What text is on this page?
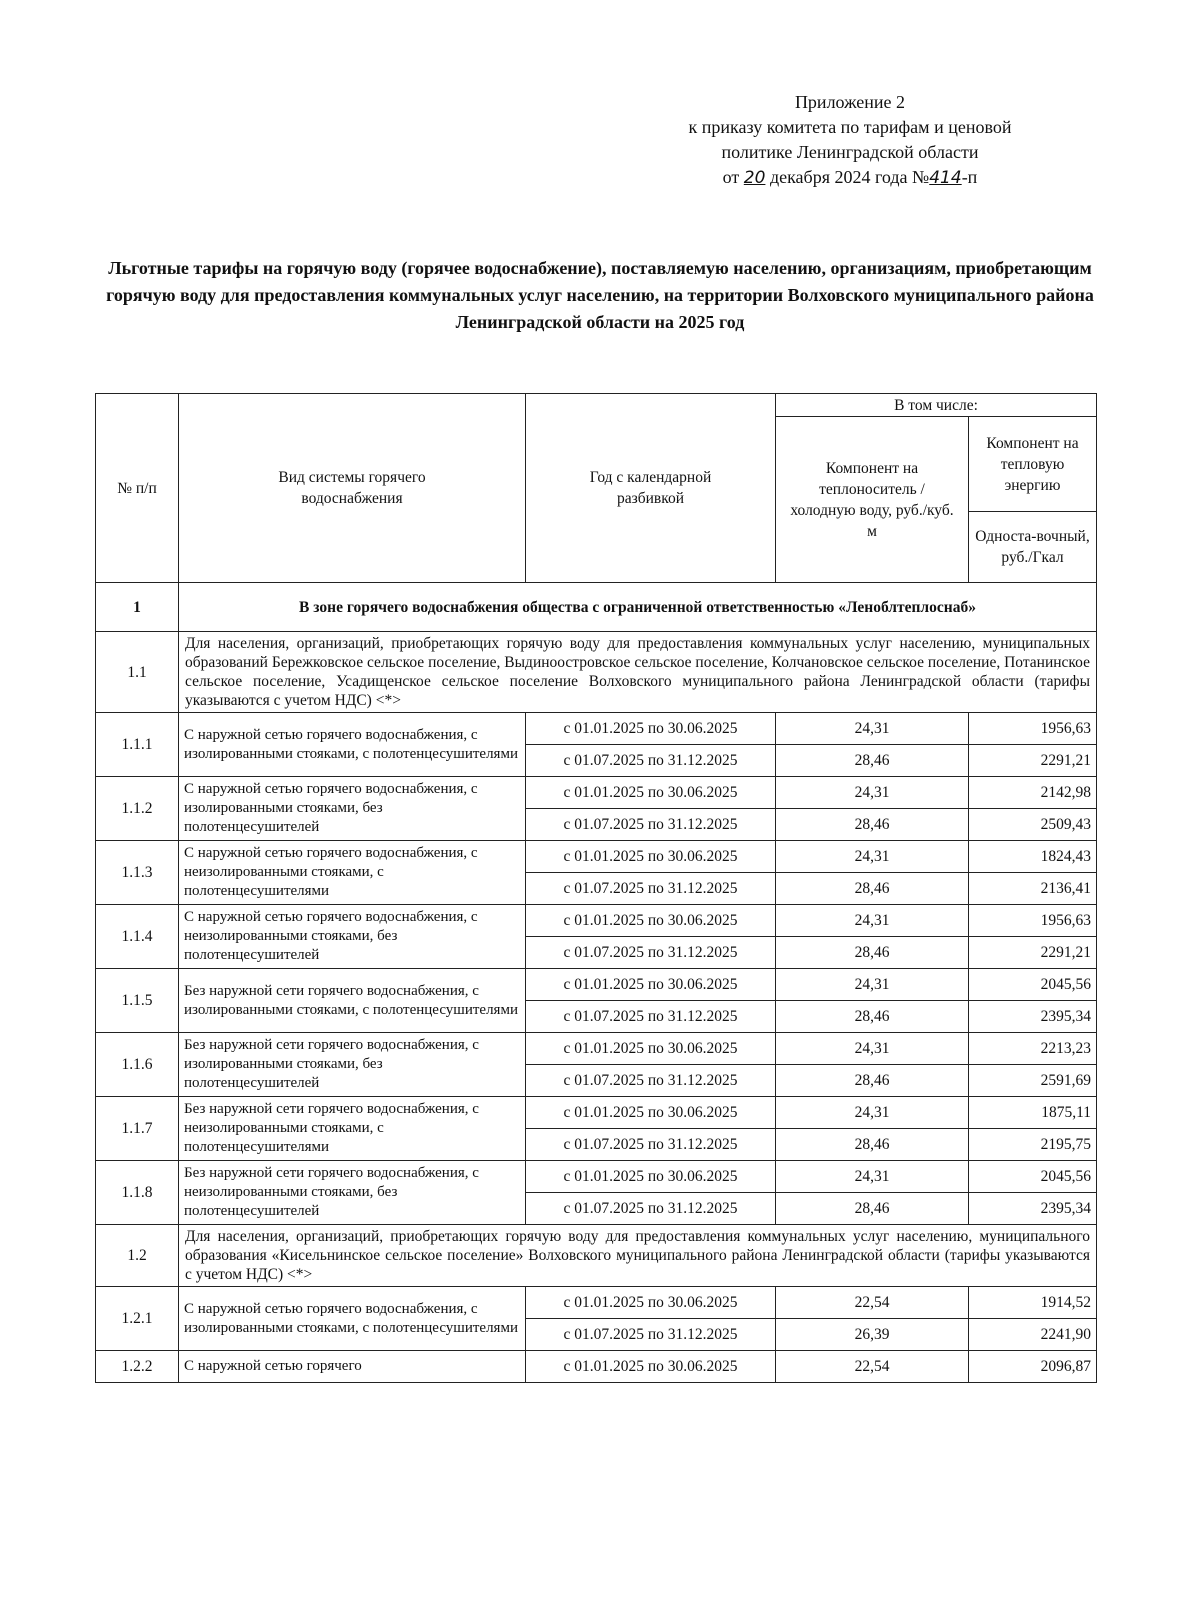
Приложение 2
к приказу комитета по тарифам и ценовой
политике Ленинградской области
от 20 декабря 2024 года №414-п
Льготные тарифы на горячую воду (горячее водоснабжение), поставляемую населению, организациям, приобретающим горячую воду для предоставления коммунальных услуг населению, на территории Волховского муниципального района Ленинградской области на 2025 год
№ п/п	Вид системы горячего водоснабжения	Год с календарной разбивкой	В том числе:	
			Компонент на теплоноситель /холодную воду, руб./куб. м	Компонент на тепловую энергию
				Односта-вочный, руб./Гкал
1	В зоне горячего водоснабжения общества с ограниченной ответственностью «Леноблтеплоснаб»			
1.1	Для населения, организаций, приобретающих горячую воду для предоставления коммунальных услуг населению, муниципальных образований Бережковское сельское поселение, Выдиноостровское сельское поселение, Колчановское сельское поселение, Потанинское сельское поселение, Усадищенское сельское поселение Волховского муниципального района Ленинградской области (тарифы указываются с учетом НДС) <*>			
1.1.1	С наружной сетью горячего водоснабжения, с изолированными стояками, с полотенцесушителями	с 01.01.2025 по 30.06.2025	24,31	1956,63
		с 01.07.2025 по 31.12.2025	28,46	2291,21
1.1.2	С наружной сетью горячего водоснабжения, с изолированными стояками, без полотенцесушителей	с 01.01.2025 по 30.06.2025	24,31	2142,98
		с 01.07.2025 по 31.12.2025	28,46	2509,43
1.1.3	С наружной сетью горячего водоснабжения, с неизолированными стояками, с полотенцесушителями	с 01.01.2025 по 30.06.2025	24,31	1824,43
		с 01.07.2025 по 31.12.2025	28,46	2136,41
1.1.4	С наружной сетью горячего водоснабжения, с неизолированными стояками, без полотенцесушителей	с 01.01.2025 по 30.06.2025	24,31	1956,63
		с 01.07.2025 по 31.12.2025	28,46	2291,21
1.1.5	Без наружной сети горячего водоснабжения, с изолированными стояками, с полотенцесушителями	с 01.01.2025 по 30.06.2025	24,31	2045,56
		с 01.07.2025 по 31.12.2025	28,46	2395,34
1.1.6	Без наружной сети горячего водоснабжения, с изолированными стояками, без полотенцесушителей	с 01.01.2025 по 30.06.2025	24,31	2213,23
		с 01.07.2025 по 31.12.2025	28,46	2591,69
1.1.7	Без наружной сети горячего водоснабжения, с неизолированными стояками, с полотенцесушителями	с 01.01.2025 по 30.06.2025	24,31	1875,11
		с 01.07.2025 по 31.12.2025	28,46	2195,75
1.1.8	Без наружной сети горячего водоснабжения, с неизолированными стояками, без полотенцесушителей	с 01.01.2025 по 30.06.2025	24,31	2045,56
		с 01.07.2025 по 31.12.2025	28,46	2395,34
1.2	Для населения, организаций, приобретающих горячую воду для предоставления коммунальных услуг населению, муниципального образования «Кисельнинское сельское поселение» Волховского муниципального района Ленинградской области (тарифы указываются с учетом НДС) <*>			
1.2.1	С наружной сетью горячего водоснабжения, с изолированными стояками, с полотенцесушителями	с 01.01.2025 по 30.06.2025	22,54	1914,52
		с 01.07.2025 по 31.12.2025	26,39	2241,90
1.2.2	С наружной сетью горячего	с 01.01.2025 по 30.06.2025	22,54	2096,87
